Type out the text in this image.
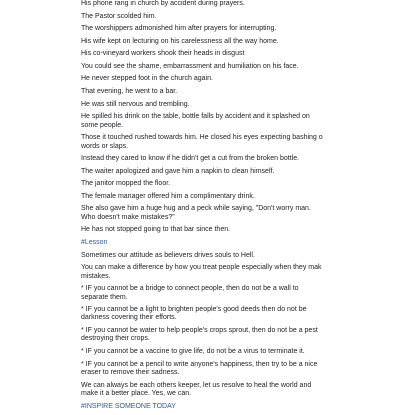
His phone rang in church by accident during prayers.
The Pastor scolded him.
The worshippers admonished him after prayers for interrupting.
His wife kept on lecturing on his carelessness all the way home.
His co-vineyard workers shook their heads in disgust
You could see the shame, embarrassment and humiliation on his face.
He never stepped foot in the church again.
That evening, he went to a bar.
He was still nervous and trembling.
He spilled his drink on the table, bottle falls by accident and it splashed on
some people.
Those it touched rushed towards him. He closed his eyes expecting bashing o
words or slaps.
Instead they cared to know if he didn't get a cut from the broken bottle.
The waiter apologized and gave him a napkin to clean himself.
The janitor mopped the floor.
The female manager offered him a complimentary drink.
She also gave him a huge hug and a peck while saying, "Don't worry man.
Who doesn't make mistakes?"
He has not stopped going to that bar since then.
#Lesson
Sometimes our attitude as believers drives souls to Hell.
You can make a difference by how you treat people especially when they mak
mistakes.
* IF you cannot be a bridge to connect people, then do not be a wall to
separate them.
* IF you cannot be a light to brighten people's good deeds then do not be
darkness covering their efforts.
* IF you cannot be water to help people's crops sprout, then do not be a pest
destroying their crops.
* IF you cannot be a vaccine to give life, do not be a virus to terminate it.
* IF you cannot be a pencil to write anyone's happiness, then try to be a nice
eraser to remove their sadness.
We can always be each others keeper, let us resolve to heal the world and
make it a better place. Yes, we can.
#INSPIRE SOMEONE TODAY
